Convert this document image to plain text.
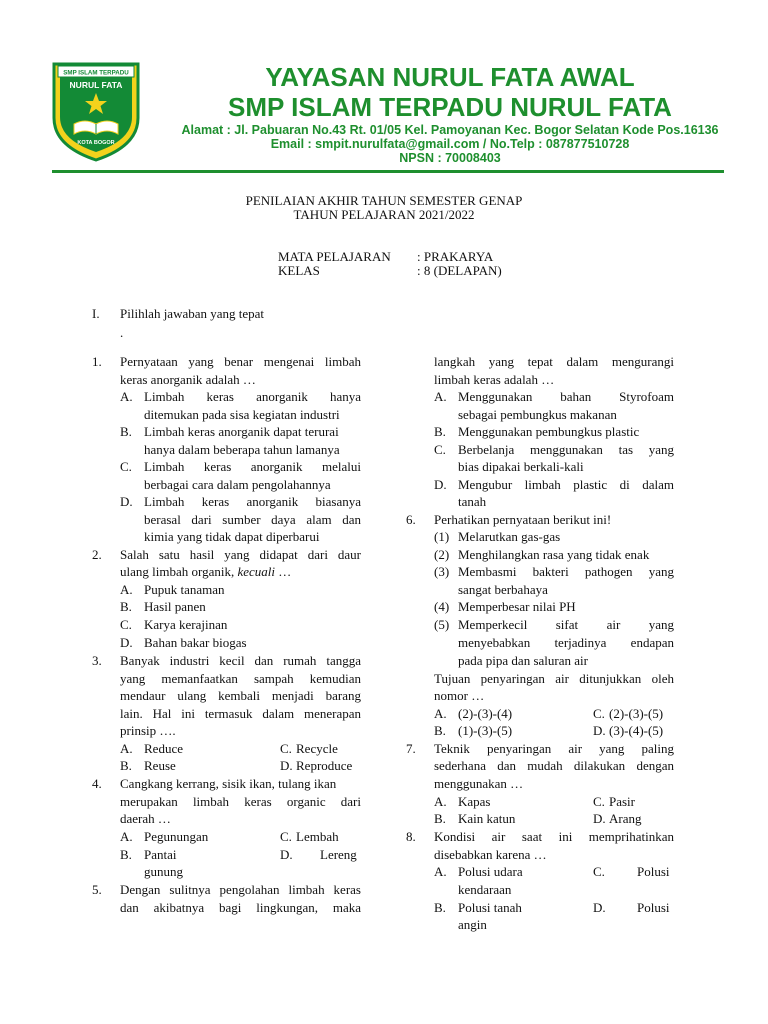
SMP ISLAM TERPADU
NURUL FATA
KOTA BOGOR
YAYASAN NURUL FATA AWAL
SMP ISLAM TERPADU NURUL FATA
Alamat : Jl. Pabuaran No.43 Rt. 01/05 Kel. Pamoyanan Kec. Bogor Selatan Kode Pos.16136
Email : smpit.nurulfata@gmail.com / No.Telp : 087877510728
NPSN : 70008403
PENILAIAN AKHIR TAHUN SEMESTER GENAP
TAHUN PELAJARAN 2021/2022
MATA PELAJARAN : PRAKARYA
KELAS	: 8 (DELAPAN)
I. Pilihlah jawaban yang tepat
.
1. Pernyataan yang benar mengenai limbah
keras anorganik adalah …
A. Limbah keras anorganik hanya
ditemukan pada sisa kegiatan industri
B. Limbah keras anorganik dapat terurai
hanya dalam beberapa tahun lamanya
C. Limbah keras anorganik melalui
berbagai cara dalam pengolahannya
D. Limbah keras anorganik biasanya
berasal dari sumber daya alam dan
kimia yang tidak dapat diperbarui
2. Salah satu hasil yang didapat dari daur
ulang limbah organik, kecuali …
A. Pupuk tanaman
B. Hasil panen
C. Karya kerajinan
D. Bahan bakar biogas
3. Banyak industri kecil dan rumah tangga
yang memanfaatkan sampah kemudian
mendaur ulang kembali menjadi barang
lain. Hal ini termasuk dalam menerapan
prinsip ….
A. Reduce	C. Recycle
B. Reuse	D. Reproduce
4. Cangkang kerrang, sisik ikan, tulang ikan
merupakan limbah keras organic dari
daerah …
A. Pegunungan	C. Lembah
B. Pantai	D. Lereng
gunung
5. Dengan sulitnya pengolahan limbah keras
dan akibatnya bagi lingkungan, maka
langkah yang tepat dalam mengurangi
limbah keras adalah …
A. Menggunakan bahan Styrofoam
sebagai pembungkus makanan
B. Menggunakan pembungkus plastic
C. Berbelanja menggunakan tas yang
bias dipakai berkali-kali
D. Mengubur limbah plastic di dalam
tanah
6. Perhatikan pernyataan berikut ini!
(1) Melarutkan gas-gas
(2) Menghilangkan rasa yang tidak enak
(3) Membasmi bakteri pathogen yang
sangat berbahaya
(4) Memperbesar nilai PH
(5) Memperkecil sifat air yang
menyebabkan terjadinya endapan
pada pipa dan saluran air
Tujuan penyaringan air ditunjukkan oleh
nomor …
A. (2)-(3)-(4)	C. (2)-(3)-(5)
B. (1)-(3)-(5)	D. (3)-(4)-(5)
7. Teknik penyaringan air yang paling
sederhana dan mudah dilakukan dengan
menggunakan …
A. Kapas	C. Pasir
B. Kain katun	D. Arang
8. Kondisi air saat ini memprihatinkan
disebabkan karena …
A. Polusi udara	C. Polusi
kendaraan
B. Polusi tanah	D. Polusi
angin
